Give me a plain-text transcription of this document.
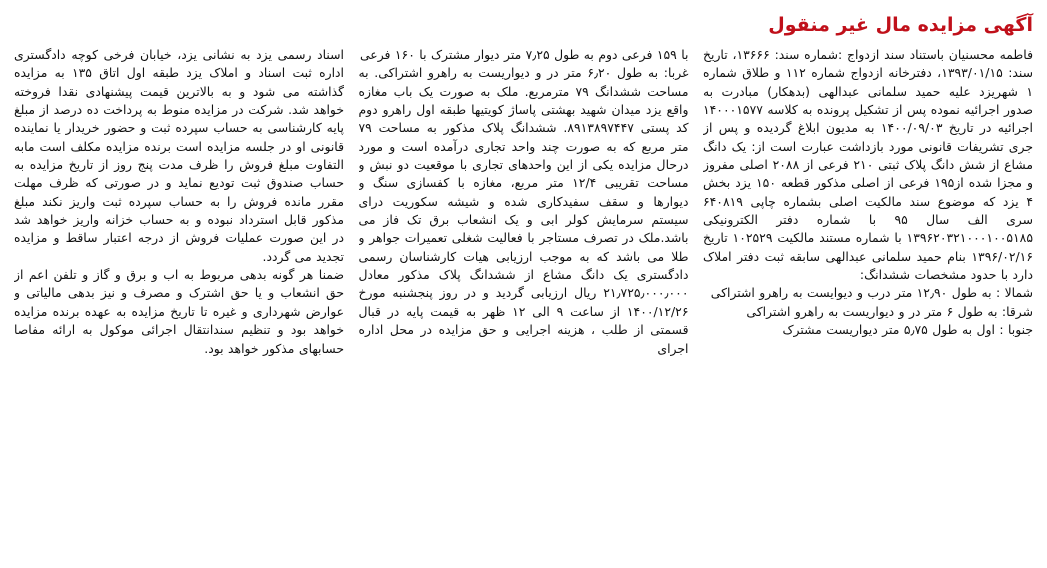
آگهی مزایده مال غیر منقول

فاطمه محسنیان باستناد سند ازدواج :شماره سند: ۱۳۶۶۶، تاریخ سند: ۱۳۹۳/۰۱/۱۵، دفترخانه ازدواج شماره ۱۱۲ و طلاق شماره ۱ شهریزد علیه حمید سلمانی عبدالهی (بدهکار) مبادرت به صدور اجرائیه نموده پس از تشکیل پرونده به کلاسه ۱۴۰۰۰۱۵۷۷ اجرائیه در تاریخ ۱۴۰۰/۰۹/۰۳ به مدیون ابلاغ گردیده و پس از جری تشریفات قانونی مورد بازداشت عبارت است از: یک دانگ مشاع از شش دانگ پلاک ثبتی ۲۱۰ فرعی از ۲۰۸۸ اصلی مفروز و مجزا شده از۱۹۵ فرعی از اصلی مذکور قطعه ۱۵۰ یزد بخش ۴ یزد که موضوع سند مالکیت اصلی بشماره چاپی ۶۴۰۸۱۹ سری الف سال ۹۵ با شماره دفتر الکترونیکی ۱۳۹۶۲۰۳۲۱۰۰۰۱۰۰۵۱۸۵ با شماره مستند مالکیت ۱۰۲۵۲۹ تاریخ ۱۳۹۶/۰۲/۱۶ بنام حمید سلمانی عبدالهی سابقه ثبت دفتر املاک دارد با حدود مشخصات ششدانگ:

شمالا : به طول ۱۲٫۹۰ متر درب و دیوایست به راهرو اشتراکی

شرقا: به طول ۶ متر در و دیواریست به راهرو اشتراکی

جنوبا : اول به طول ۵٫۷۵ متر دیواریست مشترک

با ۱۵۹ فرعی دوم به طول ۷٫۲۵ متر دیوار مشترک با ۱۶۰ فرعی

غربا: به طول ۶٫۲۰ متر در و دیواریست به راهرو اشتراکی. به مساحت ششدانگ ۷۹ مترمربع. ملک به صورت یک باب مغازه واقع یزد میدان شهید بهشتی پاساژ کویتیها طبقه اول راهرو دوم کد پستی ۸۹۱۳۸۹۷۴۴۷. ششدانگ پلاک مذکور به مساحت ۷۹ متر مربع که به صورت چند واحد تجاری درآمده است و مورد درحال مزایده یکی از این واحدهای تجاری با موقعیت دو نبش و مساحت تقریبی ۱۲/۴ متر مربع، مغازه با کفسازی سنگ و دیوارها و سقف سفیدکاری شده و شیشه سکوریت درای سیستم سرمایش کولر ابی و یک انشعاب برق تک فاز می باشد.ملک در تصرف مستاجر با فعالیت شغلی تعمیرات جواهر و طلا می باشد که به موجب ارزیابی هیات کارشناسان رسمی دادگستری یک دانگ مشاع از ششدانگ پلاک مذکور معادل ۲۱٫۷۲۵٫۰۰۰٫۰۰۰ ریال ارزیابی گردید و در روز پنجشنبه مورخ ۱۴۰۰/۱۲/۲۶ از ساعت ۹ الی ۱۲ ظهر به قیمت پایه در قبال قسمتی از طلب ، هزینه اجرایی و حق مزایده در محل اداره اجرای

اسناد رسمی یزد به نشانی یزد، خیابان فرخی کوچه دادگستری اداره ثبت اسناد و املاک یزد طبقه اول اتاق ۱۳۵ به مزایده گذاشته می شود و به بالاترین قیمت پیشنهادی نقدا فروخته خواهد شد. شرکت در مزایده منوط به پرداخت ده درصد از مبلغ پایه کارشناسی به حساب سپرده ثبت و حضور خریدار یا نماینده قانونی او در جلسه مزایده است برنده مزایده مکلف است مابه التفاوت مبلغ فروش را ظرف مدت پنج روز از تاریخ مزایده به حساب صندوق ثبت تودیع نماید و در صورتی که ظرف مهلت مقرر مانده فروش را به حساب سپرده ثبت واریز نکند مبلغ مذکور قابل استرداد نبوده و به حساب خزانه واریز خواهد شد در این صورت عملیات فروش از درجه اعتبار ساقط و مزایده تجدید می گردد.

ضمنا هر گونه بدهی مربوط به اب و برق و گاز و تلفن اعم از حق انشعاب و یا حق اشترک و مصرف و نیز بدهی مالیاتی و عوارض شهرداری و غیره تا تاریخ مزایده به عهده برنده مزایده خواهد بود و تنظیم سندانتقال اجرائی موکول به ارائه مفاصا حسابهای مذکور خواهد بود.
